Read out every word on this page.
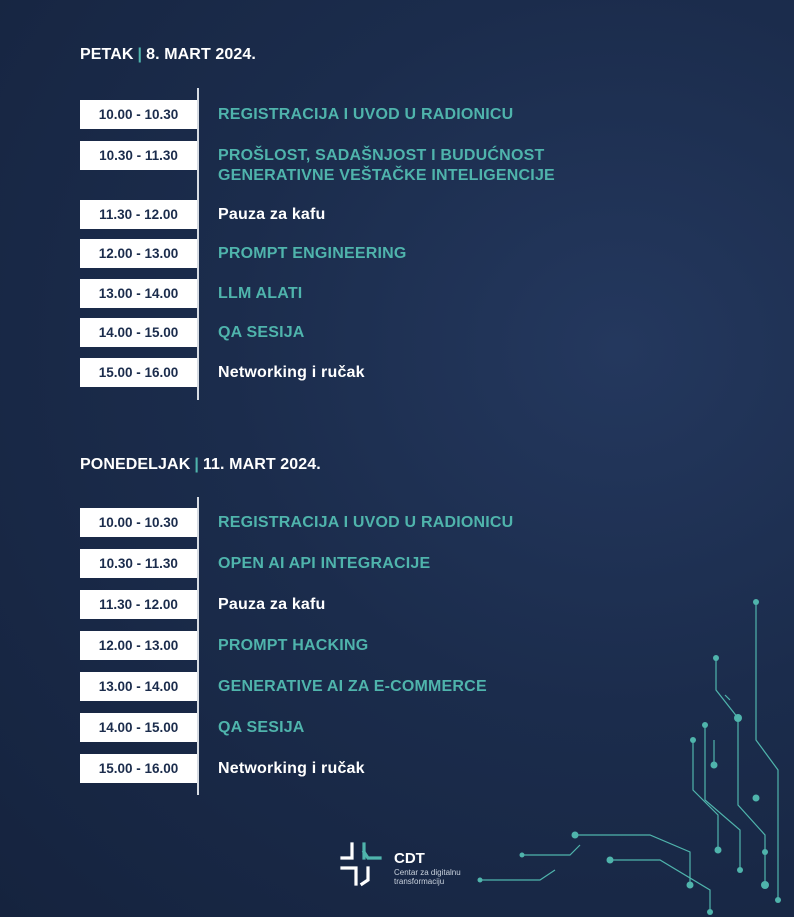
PETAK | 8. MART 2024.
10.00 - 10.30	REGISTRACIJA I UVOD U RADIONICU
10.30 - 11.30	PROŠLOST, SADAŠNJOST I BUDUĆNOST
GENERATIVNE VEŠTAČKE INTELIGENCIJE
11.30 - 12.00	Pauza za kafu
12.00 - 13.00	PROMPT ENGINEERING
13.00 - 14.00	LLM ALATI
14.00 - 15.00	QA SESIJA
15.00 - 16.00	Networking i ručak
PONEDELJAK | 11. MART 2024.
10.00 - 10.30	REGISTRACIJA I UVOD U RADIONICU
10.30 - 11.30	OPEN AI API INTEGRACIJE
11.30 - 12.00	Pauza za kafu
12.00 - 13.00	PROMPT HACKING
13.00 - 14.00	GENERATIVE AI ZA E-COMMERCE
14.00 - 15.00	QA SESIJA
15.00 - 16.00	Networking i ručak
CDT
Centar za digitalnu
transformaciju
